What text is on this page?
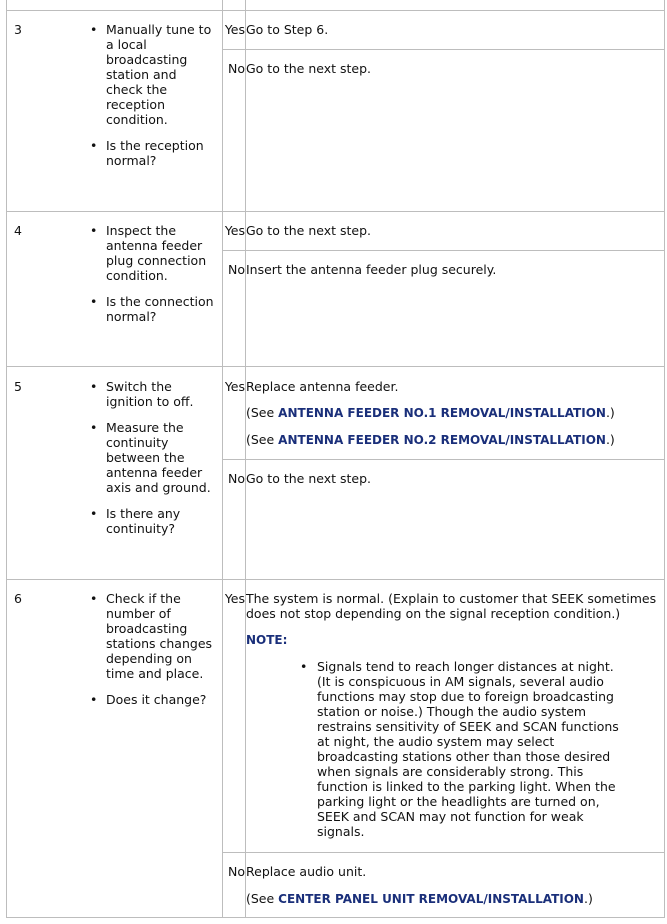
3	• Manually tune to a local broadcasting station and check the reception condition.
• Is the reception normal?
Yes Go to Step 6.
No Go to the next step.
4	• Inspect the antenna feeder plug connection condition.
• Is the connection normal?
Yes Go to the next step.
No Insert the antenna feeder plug securely.
5	• Switch the ignition to off.
• Measure the continuity between the antenna feeder axis and ground.
• Is there any continuity?
Yes Replace antenna feeder.
(See ANTENNA FEEDER NO.1 REMOVAL/INSTALLATION.)
(See ANTENNA FEEDER NO.2 REMOVAL/INSTALLATION.)
No Go to the next step.
6	• Check if the number of broadcasting stations changes depending on time and place.
• Does it change?
Yes The system is normal. (Explain to customer that SEEK sometimes does not stop depending on the signal reception condition.)
NOTE:
• Signals tend to reach longer distances at night. (It is conspicuous in AM signals, several audio functions may stop due to foreign broadcasting station or noise.) Though the audio system restrains sensitivity of SEEK and SCAN functions at night, the audio system may select broadcasting stations other than those desired when signals are considerably strong. This function is linked to the parking light. When the parking light or the headlights are turned on, SEEK and SCAN may not function for weak signals.
No Replace audio unit.
(See CENTER PANEL UNIT REMOVAL/INSTALLATION.)
